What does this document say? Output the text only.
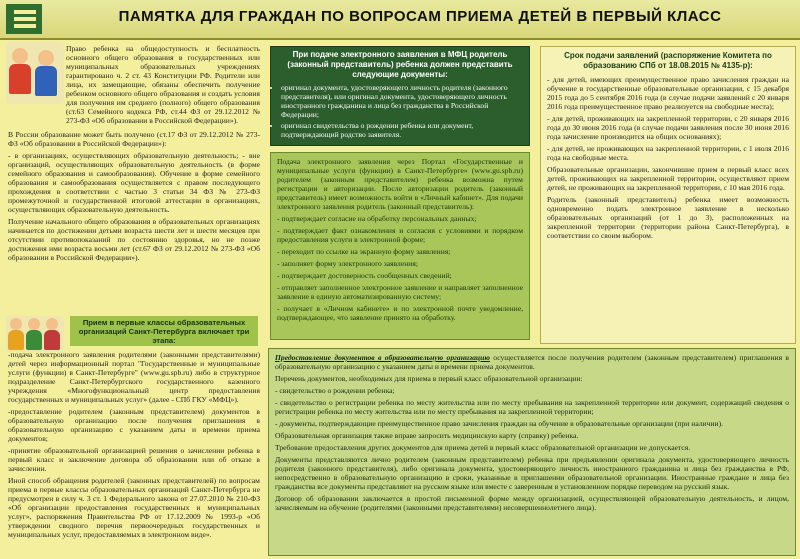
ПАМЯТКА ДЛЯ ГРАЖДАН ПО ВОПРОСАМ ПРИЕМА ДЕТЕЙ В ПЕРВЫЙ КЛАСС

Право ребенка на общедоступность и бесплатность основного общего образования в государственных или муниципальных образовательных учреждениях гарантировано ч. 2 ст. 43 Конституции РФ. Родители или лица, их замещающие, обязаны обеспечить получение ребенком основного общего образования и создать условия для получения им среднего (полного) общего образования (ст.63 Семейного кодекса РФ, ст.44 ФЗ от 29.12.2012 № 273-ФЗ «Об образовании в Российской Федерации»).

В России образование может быть получено (ст.17 ФЗ от 29.12.2012 № 273-ФЗ «Об образовании в Российской Федерации»):

- в организациях, осуществляющих образовательную деятельность; - вне организаций, осуществляющих образовательную деятельность (в форме семейного образования и самообразования). Обучение в форме семейного образования и самообразования осуществляется с правом последующего прохождения в соответствии с частью 3 статьи 34 ФЗ № 273-ФЗ промежуточной и государственной итоговой аттестации в организациях, осуществляющих образовательную деятельность.

Получение начального общего образования в образовательных организациях начинается по достижении детьми возраста шести лет и шести месяцев при отсутствии противопоказаний по состоянию здоровья, но не позже достижения ими возраста восьми лет (ст.67 ФЗ от 29.12.2012 № 273-ФЗ «Об образовании в Российской Федерации»).

Прием в первые классы образовательных организаций Санкт-Петербурга включает три этапа:

-подача электронного заявления родителями (законными представителями) детей через информационный портал "Государственные и муниципальные услуги (функции) в Санкт-Петербурге" (www.gu.spb.ru) либо в структурное подразделение Санкт-Петербургского государственного казенного учреждения «Многофункциональный центр предоставления государственных и муниципальных услуг» (далее - СПб ГКУ «МФЦ»).

-предоставление родителем (законным представителем) документов в образовательную организацию после получения приглашения в образовательную организацию с указанием даты и времени приема документов;

-принятие образовательной организацией решения о зачислении ребенка в первый класс и заключение договора об образовании или об отказе в зачислении.

Иной способ обращения родителей (законных представителей) по вопросам приема в первые классы образовательных организаций Санкт-Петербурга не предусмотрен в силу ч. 3 ст. 1 Федерального закона от 27.07.2010 № 210-ФЗ «Об организации предоставления государственных и муниципальных услуг», распоряжения Правительства РФ от 17.12.2009 № 1993-р «Об утверждении сводного перечня первоочередных государственных и муниципальных услуг, предоставляемых в электронном виде».

При подаче электронного заявления в МФЦ родитель (законный представитель) ребенка должен представить следующие документы:
• оригинал документа, удостоверяющего личность родителя (законного представителя), или оригинал документа, удостоверяющего личность иностранного гражданина и лица без гражданства в Российской Федерации;
• оригинал свидетельства о рождении ребенка или документ, подтверждающий родство заявителя.

Подача электронного заявления через Портал «Государственные и муниципальные услуги (функции) в Санкт-Петербурге» (www.gu.spb.ru) родителем (законным представителем) ребенка возможна путем регистрации и авторизации. После авторизации родитель (законный представитель) имеет возможность войти в «Личный кабинет». Для подачи электронного заявления родитель (законный представитель):

- подтверждает согласие на обработку персональных данных;

- подтверждает факт ознакомления и согласия с условиями и порядком предоставления услуги в электронной форме;

- переходит по ссылке на экранную форму заявления;

- заполняет форму электронного заявления;

- подтверждает достоверность сообщенных сведений;

- отправляет заполненное электронное заявление и направляет заполненное заявление в единую автоматизированную систему;

- получает в «Личном кабинете» и по электронной почте уведомление, подтверждающее, что заявление принято на обработку.

Срок подачи заявлений (распоряжение Комитета по образованию СПб от 18.08.2015 № 4135-р):

- для детей, имеющих преимущественное право зачисления граждан на обучение в государственные образовательные организации, с 15 декабря 2015 года до 5 сентября 2016 года (в случае подачи заявлений с 20 января 2016 года преимущественное право реализуется на свободные места);

- для детей, проживающих на закрепленной территории, с 20 января 2016 года до 30 июня 2016 года (в случае подачи заявления после 30 июня 2016 года зачисление производится на общих основаниях);

- для детей, не проживающих на закрепленной территории, с 1 июля 2016 года на свободные места.

Образовательные организации, закончившие прием в первый класс всех детей, проживающих на закрепленной территории, осуществляют прием детей, не проживающих на закрепленной территории, с 10 мая 2016 года.

Родитель (законный представитель) ребенка имеет возможность одновременно подать электронное заявление в несколько образовательных организаций (от 1 до 3), расположенных на закрепленной территории (территории района Санкт-Петербурга), в соответствии со своим выбором.

Предоставление документов в образовательную организацию осуществляется после получения родителем (законным представителем) приглашения в образовательную организацию с указанием даты и времени приема документов.

Перечень документов, необходимых для приема в первый класс образовательной организации:

- свидетельство о рождении ребенка;

- свидетельство о регистрации ребенка по месту жительства или по месту пребывания на закрепленной территории или документ, содержащий сведения о регистрации ребенка по месту жительства или по месту пребывания на закрепленной территории;

- документы, подтверждающие преимущественное право зачисления граждан на обучение в образовательные организации (при наличии).

Образовательная организация также вправе запросить медицинскую карту (справку) ребенка.

Требование предоставления других документов для приема детей в первый класс образовательной организации не допускается.

Документы представляются лично родителем (законным представителем) ребенка при предъявлении оригинала документа, удостоверяющего личность родителя (законного представителя), либо оригинала документа, удостоверяющего личность иностранного гражданина и лица без гражданства в РФ, непосредственно в образовательную организацию в сроки, указанные в приглашении образовательной организации. Иностранные граждане и лица без гражданства все документы представляют на русском языке или вместе с заверенным в установленном порядке переводом на русский язык.

Договор об образовании заключается в простой письменной форме между организацией, осуществляющей образовательную деятельность, и лицом, зачисляемым на обучение (родителями (законными представителями) несовершеннолетнего лица).
